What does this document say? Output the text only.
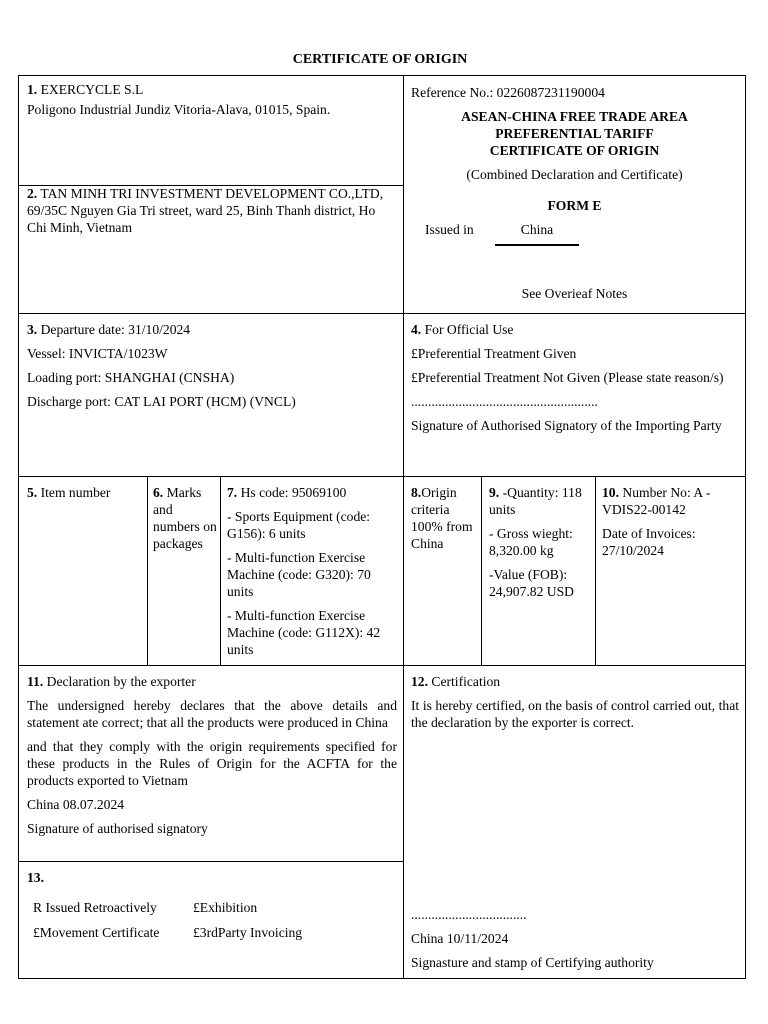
CERTIFICATE OF ORIGIN

1. EXERCYCLE S.L

Poligono Industrial Jundiz Vitoria-Alava, 01015, Spain.

2. TAN MINH TRI INVESTMENT DEVELOPMENT CO.,LTD, 69/35C Nguyen Gia Tri street, ward 25, Binh Thanh district, Ho Chi Minh, Vietnam

Reference No.: 0226087231190004
ASEAN-CHINA FREE TRADE AREA
PREFERENTIAL TARIFF
CERTIFICATE OF ORIGIN
(Combined Declaration and Certificate)
FORM E
Issued in	China
See Overieaf Notes

3. Departure date: 31/10/2024

Vessel: INVICTA/1023W

Loading port: SHANGHAI (CNSHA)

Discharge port: CAT LAI PORT (HCM) (VNCL)

4. For Official Use

£Preferential Treatment Given

£Preferential Treatment Not Given (Please state reason/s)

.......................................................

Signature of Authorised Signatory of the Importing Party

5. Item number	6. Marks and numbers on packages

7. Hs code: 95069100

- Sports Equipment (code: G156): 6 units

- Multi-function Exercise Machine (code: G320): 70 units

- Multi-function Exercise Machine (code: G112X): 42 units

8.Origin criteria 100% from China

9. -Quantity: 118 units

- Gross wieght: 8,320.00 kg

-Value (FOB): 24,907.82 USD

10. Number No: A - VDIS22-00142

Date of Invoices: 27/10/2024

11. Declaration by the exporter

The undersigned hereby declares that the above details and statement ate correct; that all the products were produced in China

and that they comply with the origin requirements specified for these products in the Rules of Origin for the ACFTA for the products exported to Vietnam

China 08.07.2024

Signature of authorised signatory

12. Certification

It is hereby certified, on the basis of control carried out, that the declaration by the exporter is correct.

..................................

China 10/11/2024

Signasture and stamp of Certifying authority

13.
R Issued Retroactively	£Exhibition
£Movement Certificate	£3rdParty Invoicing
